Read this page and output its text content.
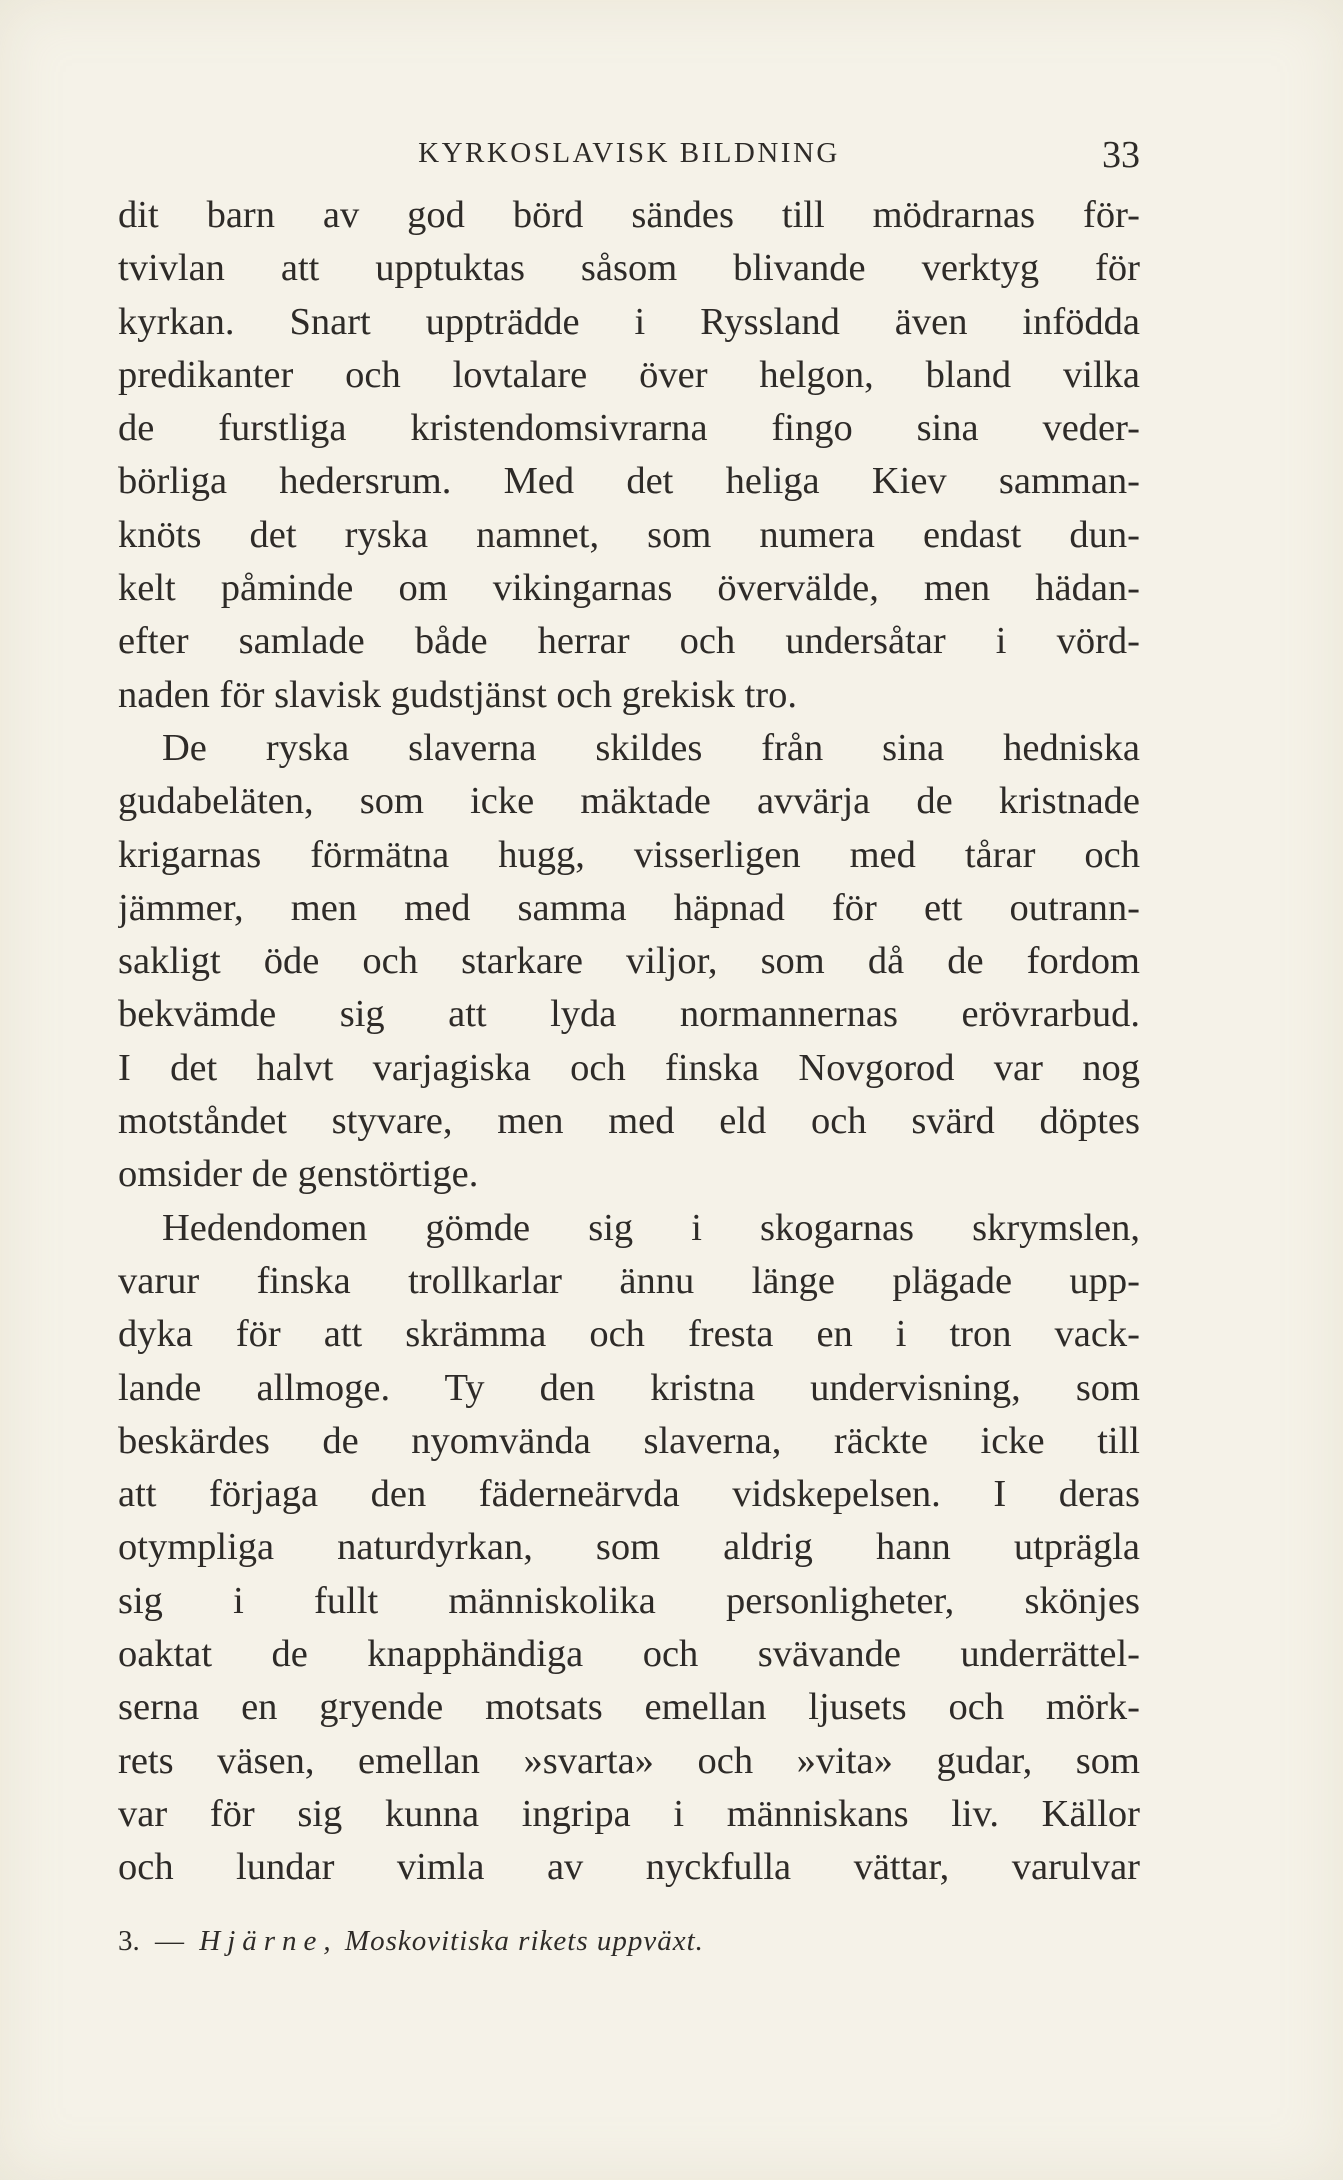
KYRKOSLAVISK BILDNING	33

dit barn av god börd sändes till mödrarnas för-
tvivlan att upptuktas såsom blivande verktyg för
kyrkan. Snart uppträdde i Ryssland även infödda
predikanter och lovtalare över helgon, bland vilka
de furstliga kristendomsivrarna fingo sina veder-
börliga hedersrum. Med det heliga Kiev samman-
knöts det ryska namnet, som numera endast dun-
kelt påminde om vikingarnas övervälde, men hädan-
efter samlade både herrar och undersåtar i vörd-
naden för slavisk gudstjänst och grekisk tro.

De ryska slaverna skildes från sina hedniska
gudabeläten, som icke mäktade avvärja de kristnade
krigarnas förmätna hugg, visserligen med tårar och
jämmer, men med samma häpnad för ett outrann-
sakligt öde och starkare viljor, som då de fordom
bekvämde sig att lyda normannernas erövrarbud.
I det halvt varjagiska och finska Novgorod var nog
motståndet styvare, men med eld och svärd döptes
omsider de genstörtige.

Hedendomen gömde sig i skogarnas skrymslen,
varur finska trollkarlar ännu länge plägade upp-
dyka för att skrämma och fresta en i tron vack-
lande allmoge. Ty den kristna undervisning, som
beskärdes de nyomvända slaverna, räckte icke till
att förjaga den fäderneärvda vidskepelsen. I deras
otympliga naturdyrkan, som aldrig hann utprägla
sig i fullt människolika personligheter, skönjes
oaktat de knapphändiga och svävande underrättel-
serna en gryende motsats emellan ljusets och mörk-
rets väsen, emellan »svarta» och »vita» gudar, som
var för sig kunna ingripa i människans liv. Källor
och lundar vimla av nyckfulla vättar, varulvar

3. — Hjärne, Moskovitiska rikets uppväxt.
